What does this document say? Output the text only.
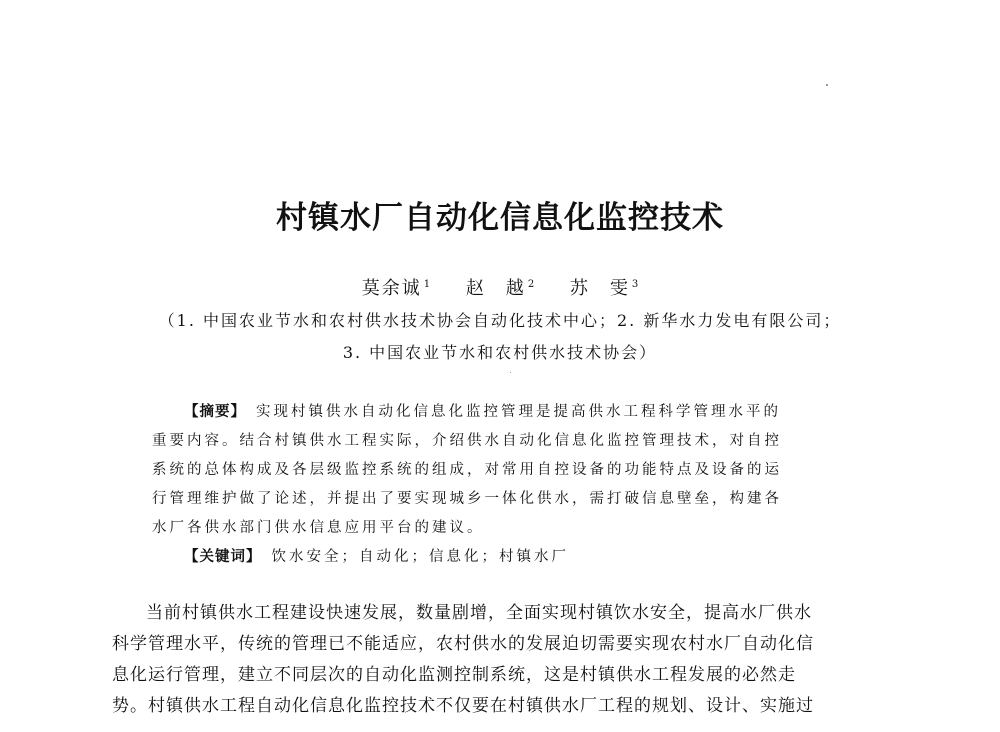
村镇水厂自动化信息化监控技术
莫余诚 $^1$ 赵　越 $^2$ 苏　雯 $^3$
（1. 中国农业节水和农村供水技术协会自动化技术中心；2. 新华水力发电有限公司；
3. 中国农业节水和农村供水技术协会）
【摘要】 实现村镇供水自动化信息化监控管理是提高供水工程科学管理水平的
重要内容。结合村镇供水工程实际，介绍供水自动化信息化监控管理技术，对自控
系统的总体构成及各层级监控系统的组成，对常用自控设备的功能特点及设备的运
行管理维护做了论述，并提出了要实现城乡一体化供水，需打破信息壁垒，构建各
水厂各供水部门供水信息应用平台的建议。
【关键词】 饮水安全；自动化；信息化；村镇水厂
当前村镇供水工程建设快速发展，数量剧增，全面实现村镇饮水安全，提高水厂供水
科学管理水平，传统的管理已不能适应，农村供水的发展迫切需要实现农村水厂自动化信
息化运行管理，建立不同层次的自动化监测控制系统，这是村镇供水工程发展的必然走
势。村镇供水工程自动化信息化监控技术不仅要在村镇供水厂工程的规划、设计、实施过
